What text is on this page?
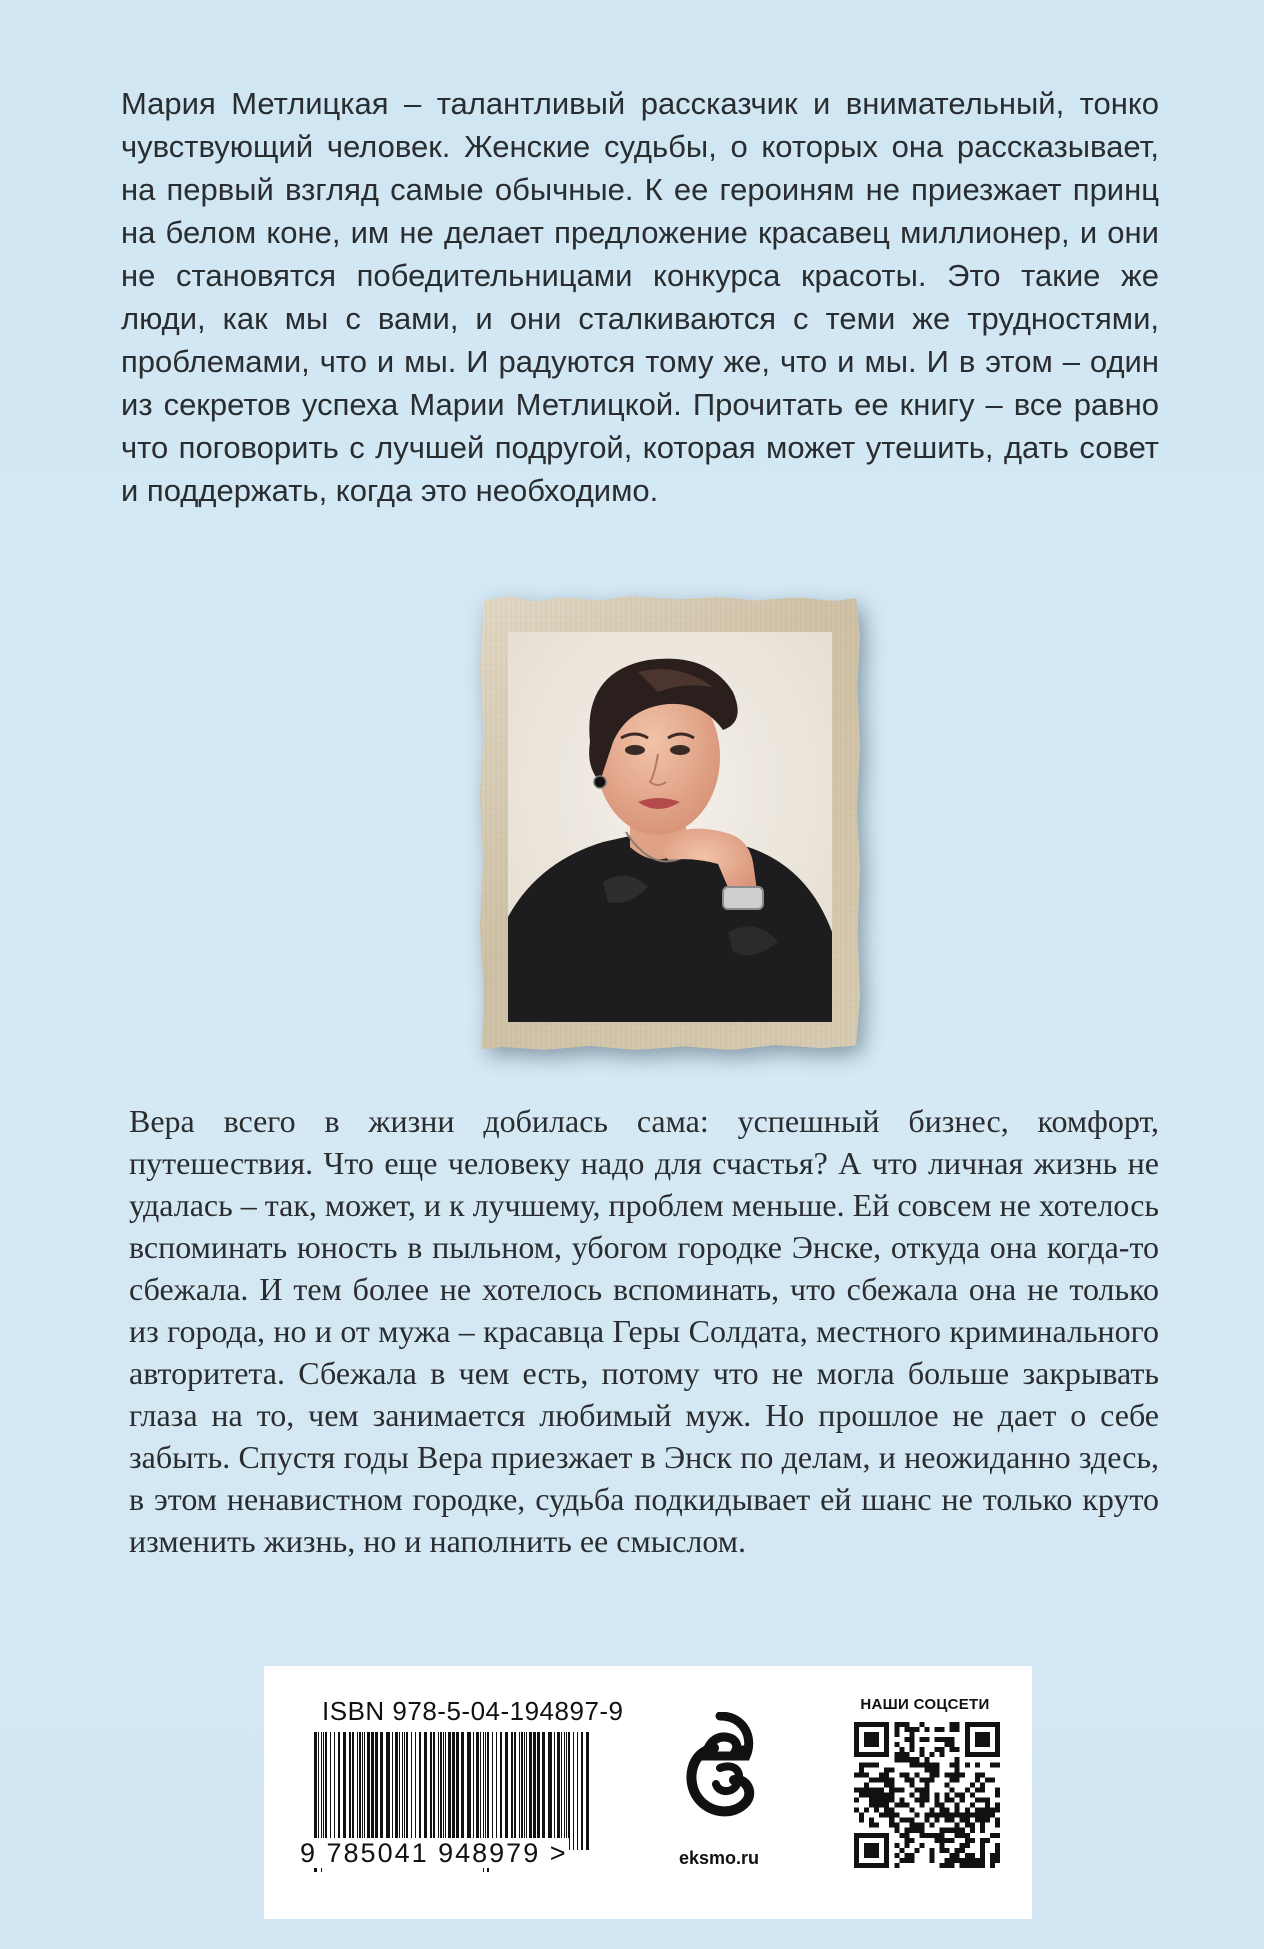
Мария Метлицкая – талантливый рассказчик и внимательный, тонко чувствующий человек. Женские судьбы, о которых она рассказывает, на первый взгляд самые обычные. К ее героиням не приезжает принц на белом коне, им не делает предложение красавец миллионер, и они не становятся победительницами конкурса красоты. Это такие же люди, как мы с вами, и они сталкиваются с теми же трудностями, проблемами, что и мы. И радуются тому же, что и мы. И в этом – один из секретов успеха Марии Метлицкой. Прочитать ее книгу – все равно что поговорить с лучшей подругой, которая может утешить, дать совет и поддержать, когда это необходимо.

Вера всего в жизни добилась сама: успешный бизнес, комфорт, путешествия. Что еще человеку надо для счастья? А что личная жизнь не удалась – так, может, и к лучшему, проблем меньше. Ей совсем не хотелось вспоминать юность в пыльном, убогом городке Энске, откуда она когда-то сбежала. И тем более не хотелось вспоминать, что сбежала она не только из города, но и от мужа – красавца Геры Солдата, местного криминального авторитета. Сбежала в чем есть, потому что не могла больше закрывать глаза на то, чем занимается любимый муж. Но прошлое не дает о себе забыть. Спустя годы Вера приезжает в Энск по делам, и неожиданно здесь, в этом ненавистном городке, судьба подкидывает ей шанс не только круто изменить жизнь, но и наполнить ее смыслом.

ISBN 978-5-04-194897-9
9 785041 948979 >	eksmo.ru
НАШИ СОЦСЕТИ
